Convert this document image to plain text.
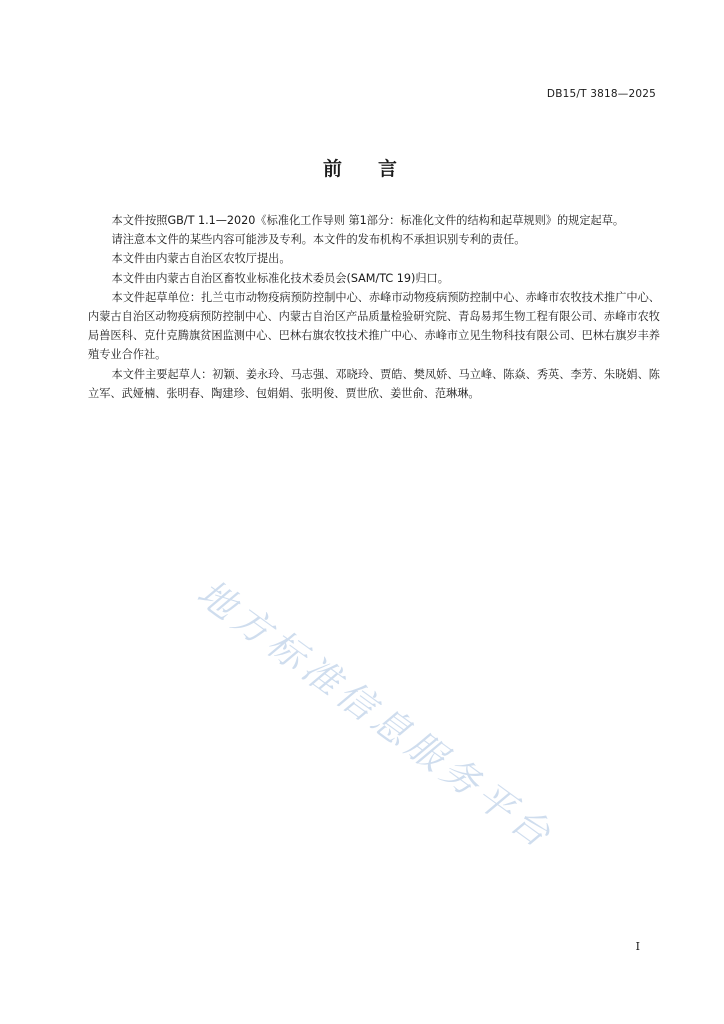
DB15/T 3818—2025
前言

本文件按照GB/T 1.1—2020《标准化工作导则 第1部分：标准化文件的结构和起草规则》的规定起草。

请注意本文件的某些内容可能涉及专利。本文件的发布机构不承担识别专利的责任。

本文件由内蒙古自治区农牧厅提出。

本文件由内蒙古自治区畜牧业标准化技术委员会(SAM/TC 19)归口。

本文件起草单位：扎兰屯市动物疫病预防控制中心、赤峰市动物疫病预防控制中心、赤峰市农牧技术推广中心、内蒙古自治区动物疫病预防控制中心、内蒙古自治区产品质量检验研究院、青岛易邦生物工程有限公司、赤峰市农牧局兽医科、克什克腾旗贫困监测中心、巴林右旗农牧技术推广中心、赤峰市立见生物科技有限公司、巴林右旗岁丰养殖专业合作社。

本文件主要起草人：初颖、姜永玲、马志强、邓晓玲、贾皓、樊凤娇、马立峰、陈焱、秀英、李芳、朱晓娟、陈立军、武娅楠、张明春、陶建珍、包娟娟、张明俊、贾世欣、姜世俞、范琳琳。

地方标准信息服务平台
I
